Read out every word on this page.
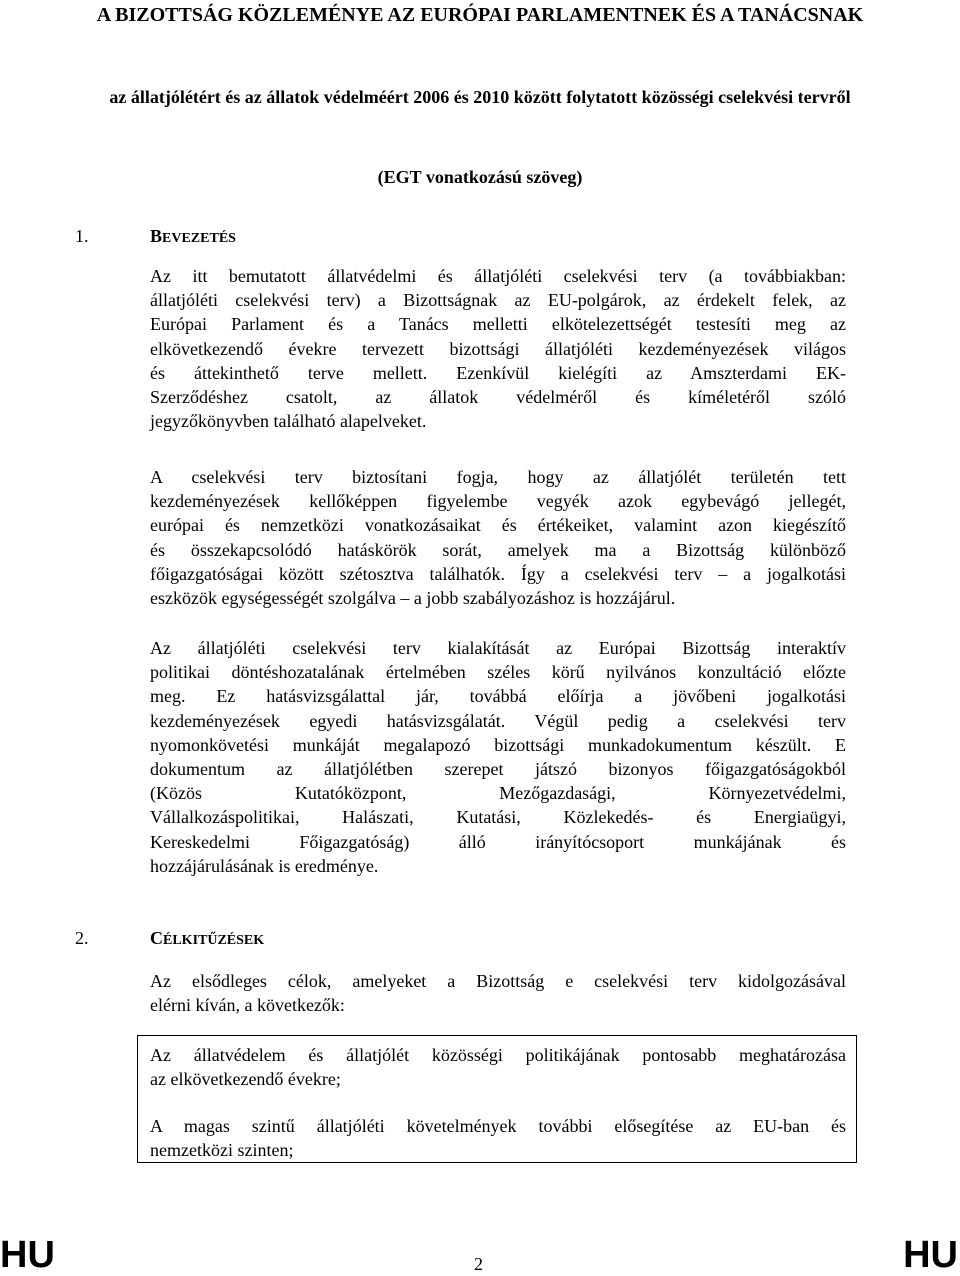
A BIZOTTSÁG KÖZLEMÉNYE AZ EURÓPAI PARLAMENTNEK ÉS A TANÁCSNAK
az állatjólétért és az állatok védelméért 2006 és 2010 között folytatott közösségi cselekvési tervről
(EGT vonatkozású szöveg)
1.	BEVEZETÉS
Az itt bemutatott állatvédelmi és állatjóléti cselekvési terv (a továbbiakban:
állatjóléti cselekvési terv) a Bizottságnak az EU-polgárok, az érdekelt felek, az
Európai Parlament és a Tanács melletti elkötelezettségét testesíti meg az
elkövetkezendő évekre tervezett bizottsági állatjóléti kezdeményezések világos
és áttekinthető terve mellett. Ezenkívül kielégíti az Amszterdami EK-
Szerződéshez csatolt, az állatok védelméről és kíméletéről szóló
jegyzőkönyvben található alapelveket.
A cselekvési terv biztosítani fogja, hogy az állatjólét területén tett
kezdeményezések kellőképpen figyelembe vegyék azok egybevágó jellegét,
európai és nemzetközi vonatkozásaikat és értékeiket, valamint azon kiegészítő
és összekapcsolódó hatáskörök sorát, amelyek ma a Bizottság különböző
főigazgatóságai között szétosztva találhatók. Így a cselekvési terv – a jogalkotási
eszközök egységességét szolgálva – a jobb szabályozáshoz is hozzájárul.
Az állatjóléti cselekvési terv kialakítását az Európai Bizottság interaktív
politikai döntéshozatalának értelmében széles körű nyilvános konzultáció előzte
meg. Ez hatásvizsgálattal jár, továbbá előírja a jövőbeni jogalkotási
kezdeményezések egyedi hatásvizsgálatát. Végül pedig a cselekvési terv
nyomonkövetési munkáját megalapozó bizottsági munkadokumentum készült. E
dokumentum az állatjólétben szerepet játszó bizonyos főigazgatóságokból
(Közös Kutatóközpont, Mezőgazdasági, Környezetvédelmi,
Vállalkozáspolitikai, Halászati, Kutatási, Közlekedés- és Energiaügyi,
Kereskedelmi Főigazgatóság) álló irányítócsoport munkájának és
hozzájárulásának is eredménye.
2.	CÉLKITŰZÉSEK
Az elsődleges célok, amelyeket a Bizottság e cselekvési terv kidolgozásával
elérni kíván, a következők:
Az állatvédelem és állatjólét közösségi politikájának pontosabb meghatározása
az elkövetkezendő évekre;
A magas szintű állatjóléti követelmények további elősegítése az EU-ban és
nemzetközi szinten;
HU	2	HU
